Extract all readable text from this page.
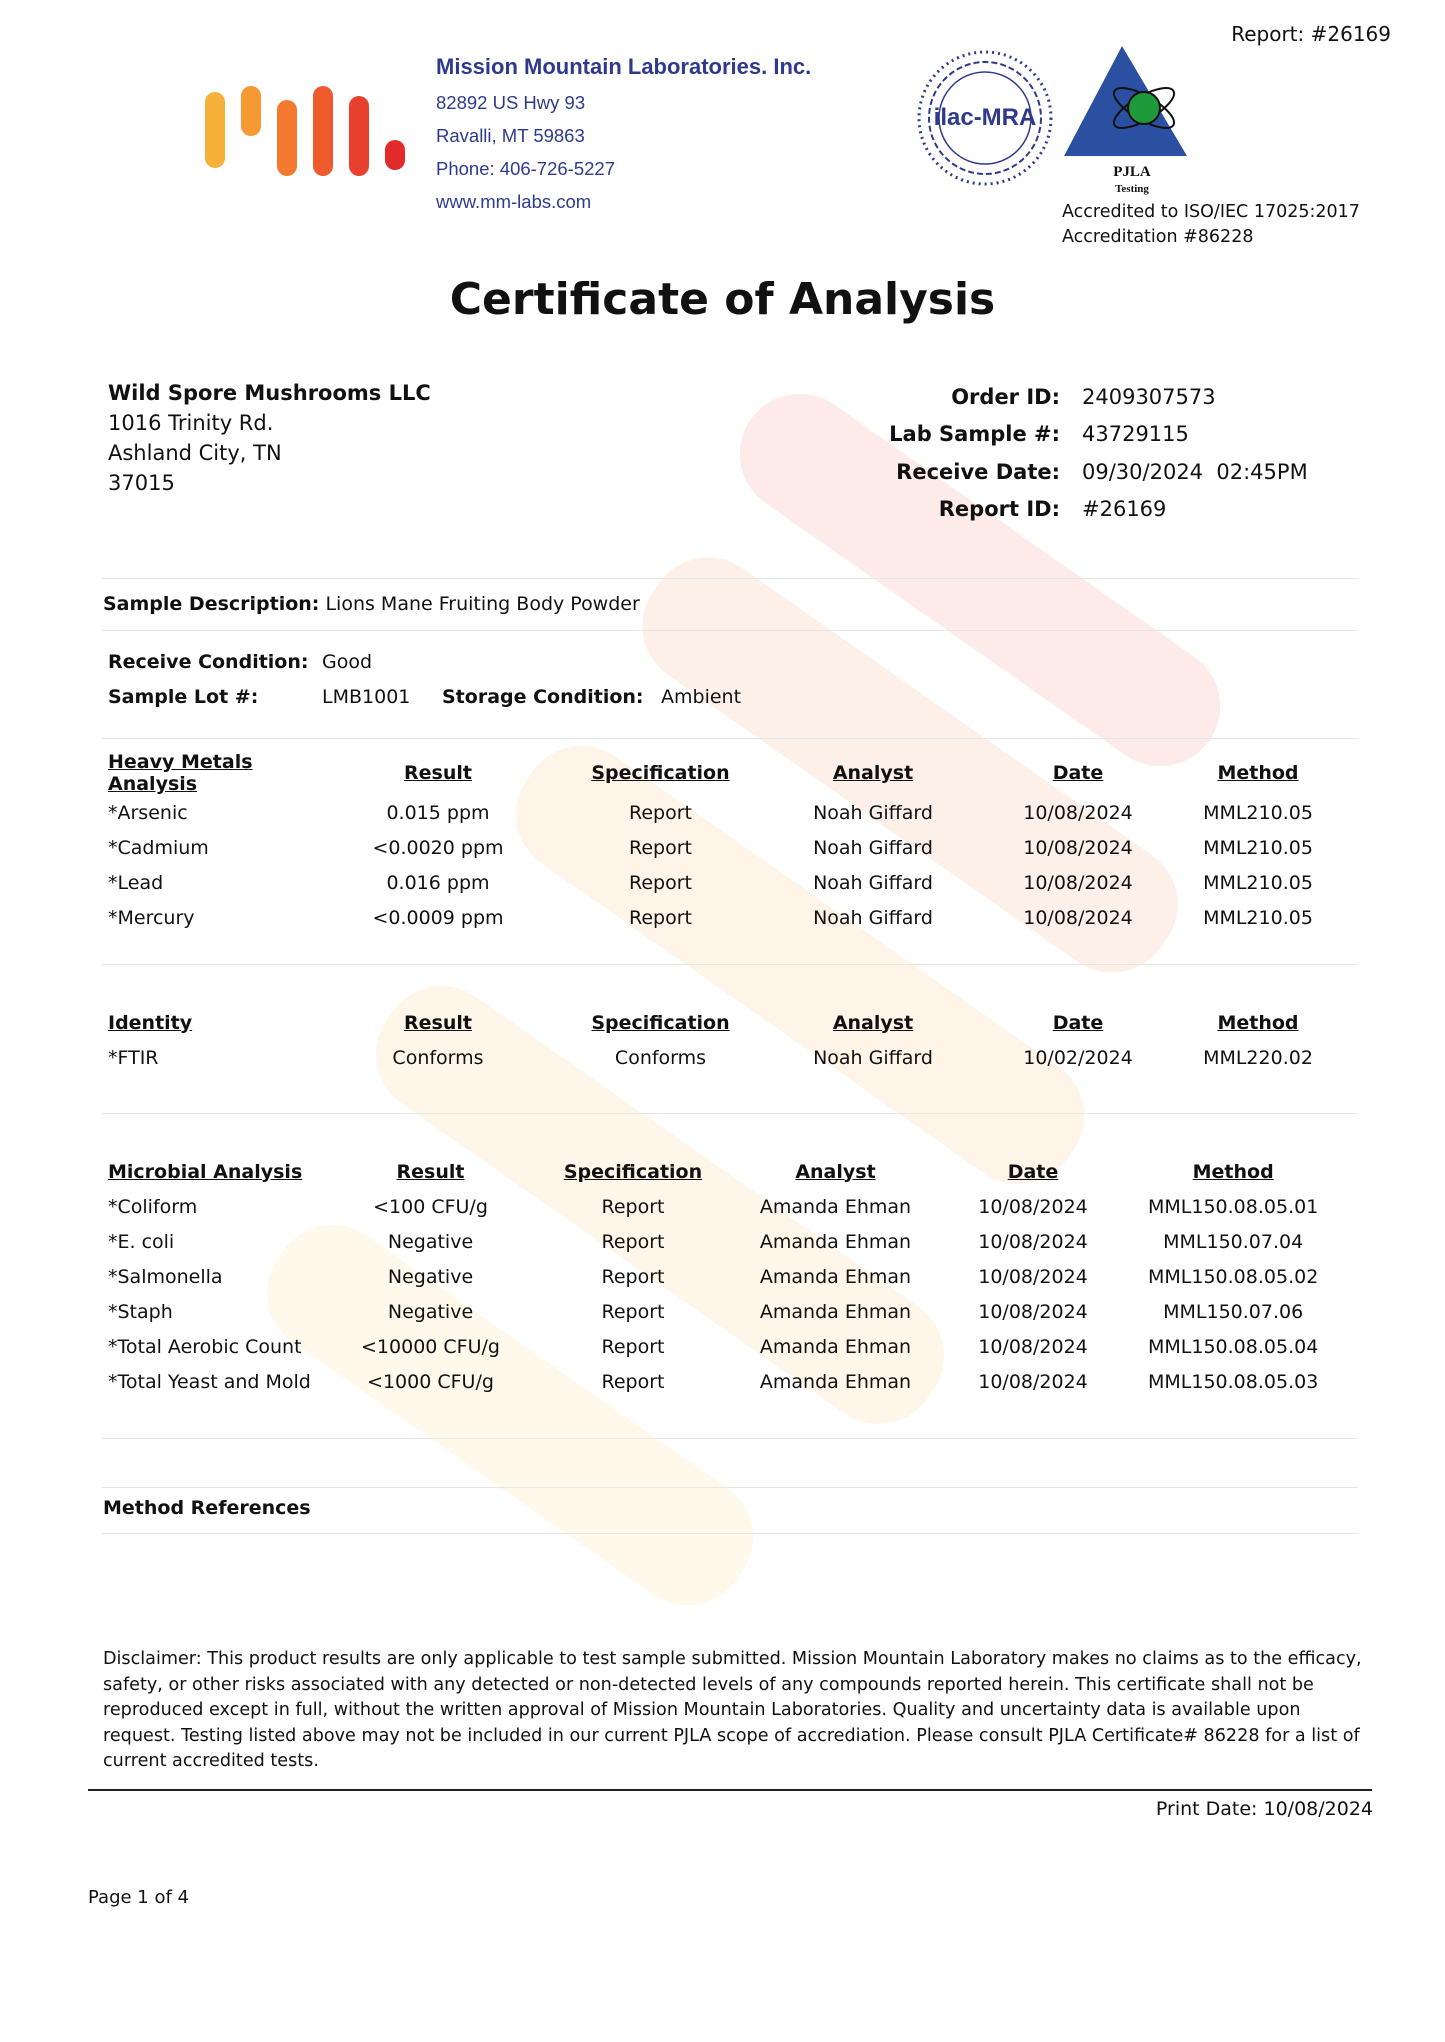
Report: #26169
Mission Mountain Laboratories. Inc.
82892 US Hwy 93
Ravalli, MT 59863
Phone: 406-726-5227
www.mm-labs.com
ilac-MRA
PJLA
Testing
Accredited to ISO/IEC 17025:2017
Accreditation #86228
Certificate of Analysis
Wild Spore Mushrooms LLC
1016 Trinity Rd.
Ashland City, TN
37015
Order ID:	2409307573
Lab Sample #:	43729115
Receive Date:	09/30/2024  02:45PM
Report ID:	#26169
Sample Description: Lions Mane Fruiting Body Powder
Receive Condition: Good
Sample Lot #:	LMB1001 Storage Condition: Ambient
Heavy Metals Analysis	Result	Specification	Analyst	Date	Method
*Arsenic	0.015 ppm	Report	Noah Giffard	10/08/2024	MML210.05
*Cadmium	<0.0020 ppm	Report	Noah Giffard	10/08/2024	MML210.05
*Lead	0.016 ppm	Report	Noah Giffard	10/08/2024	MML210.05
*Mercury	<0.0009 ppm	Report	Noah Giffard	10/08/2024	MML210.05
Identity	Result	Specification	Analyst	Date	Method
*FTIR	Conforms	Conforms	Noah Giffard	10/02/2024	MML220.02
Microbial Analysis	Result	Specification	Analyst	Date	Method
*Coliform	<100 CFU/g	Report	Amanda Ehman	10/08/2024	MML150.08.05.01
*E. coli	Negative	Report	Amanda Ehman	10/08/2024	MML150.07.04
*Salmonella	Negative	Report	Amanda Ehman	10/08/2024	MML150.08.05.02
*Staph	Negative	Report	Amanda Ehman	10/08/2024	MML150.07.06
*Total Aerobic Count	<10000 CFU/g	Report	Amanda Ehman	10/08/2024	MML150.08.05.04
*Total Yeast and Mold	<1000 CFU/g	Report	Amanda Ehman	10/08/2024	MML150.08.05.03
Method References
Disclaimer: This product results are only applicable to test sample submitted. Mission Mountain Laboratory makes no claims as to the efficacy, safety, or other risks associated with any detected or non-detected levels of any compounds reported herein. This certificate shall not be reproduced except in full, without the written approval of Mission Mountain Laboratories. Quality and uncertainty data is available upon request. Testing listed above may not be included in our current PJLA scope of accrediation. Please consult PJLA Certificate# 86228 for a list of current accredited tests.
Print Date: 10/08/2024
Page 1 of 4
